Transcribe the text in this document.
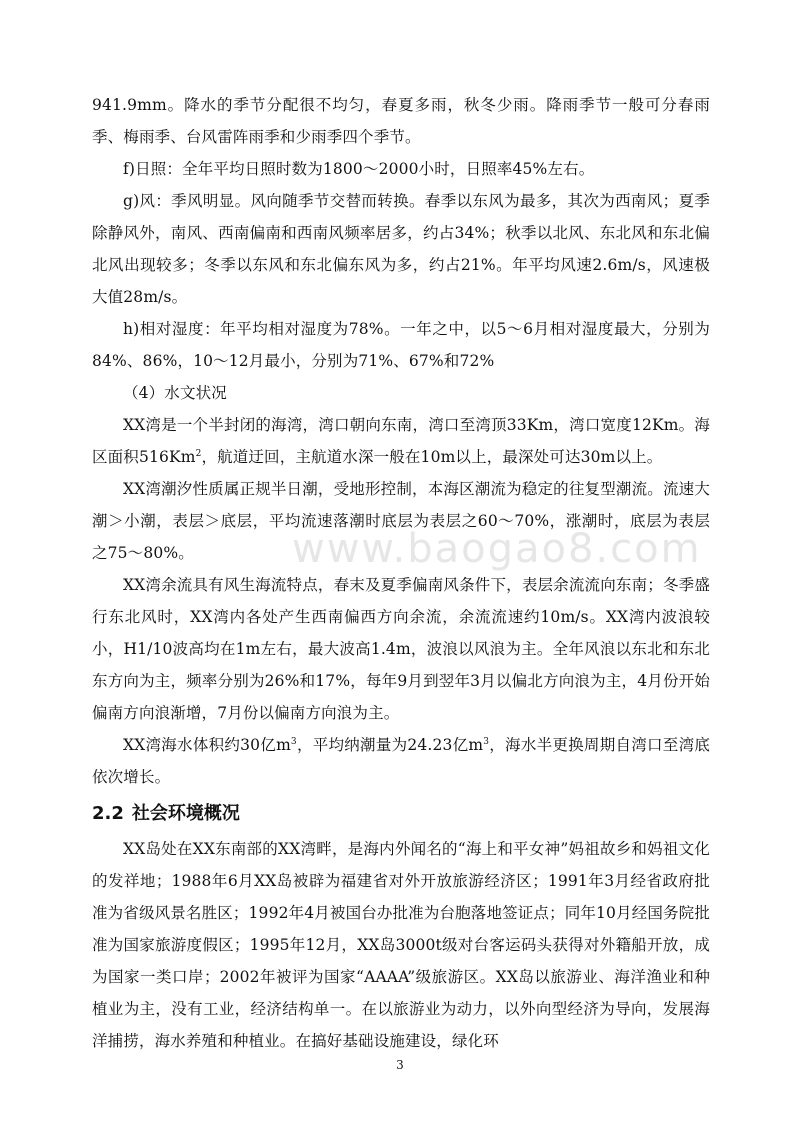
www.baogao8.com

941.9mm。降水的季节分配很不均匀，春夏多雨，秋冬少雨。降雨季节一般可分春雨季、梅雨季、台风雷阵雨季和少雨季四个季节。

f)日照：全年平均日照时数为1800～2000小时，日照率45%左右。

g)风：季风明显。风向随季节交替而转换。春季以东风为最多，其次为西南风；夏季除静风外，南风、西南偏南和西南风频率居多，约占34%；秋季以北风、东北风和东北偏北风出现较多；冬季以东风和东北偏东风为多，约占21%。年平均风速2.6m/s，风速极大值28m/s。

h)相对湿度：年平均相对湿度为78%。一年之中，以5～6月相对湿度最大，分别为84%、86%，10～12月最小，分别为71%、67%和72%

（4）水文状况

XX湾是一个半封闭的海湾，湾口朝向东南，湾口至湾顶33Km，湾口宽度12Km。海区面积516Km$^2$，航道迂回，主航道水深一般在10m以上，最深处可达30m以上。

XX湾潮汐性质属正规半日潮，受地形控制，本海区潮流为稳定的往复型潮流。流速大潮＞小潮，表层＞底层，平均流速落潮时底层为表层之60～70%，涨潮时，底层为表层之75～80%。

XX湾余流具有风生海流特点，春末及夏季偏南风条件下，表层余流流向东南；冬季盛行东北风时，XX湾内各处产生西南偏西方向余流，余流流速约10m/s。XX湾内波浪较小，H1/10波高均在1m左右，最大波高1.4m，波浪以风浪为主。全年风浪以东北和东北东方向为主，频率分别为26%和17%，每年9月到翌年3月以偏北方向浪为主，4月份开始偏南方向浪渐增，7月份以偏南方向浪为主。

XX湾海水体积约30亿$m^3$，平均纳潮量为24.23亿$m^3$，海水半更换周期自湾口至湾底依次增长。

2.2 社会环境概况

XX岛处在XX东南部的XX湾畔，是海内外闻名的“海上和平女神”妈祖故乡和妈祖文化的发祥地；1988年6月XX岛被辟为福建省对外开放旅游经济区；1991年3月经省政府批准为省级风景名胜区；1992年4月被国台办批准为台胞落地签证点；同年10月经国务院批准为国家旅游度假区；1995年12月，XX岛3000t级对台客运码头获得对外籍船开放，成为国家一类口岸；2002年被评为国家“AAAA”级旅游区。XX岛以旅游业、海洋渔业和种植业为主，没有工业，经济结构单一。在以旅游业为动力，以外向型经济为导向，发展海洋捕捞，海水养殖和种植业。在搞好基础设施建设，绿化环

3
